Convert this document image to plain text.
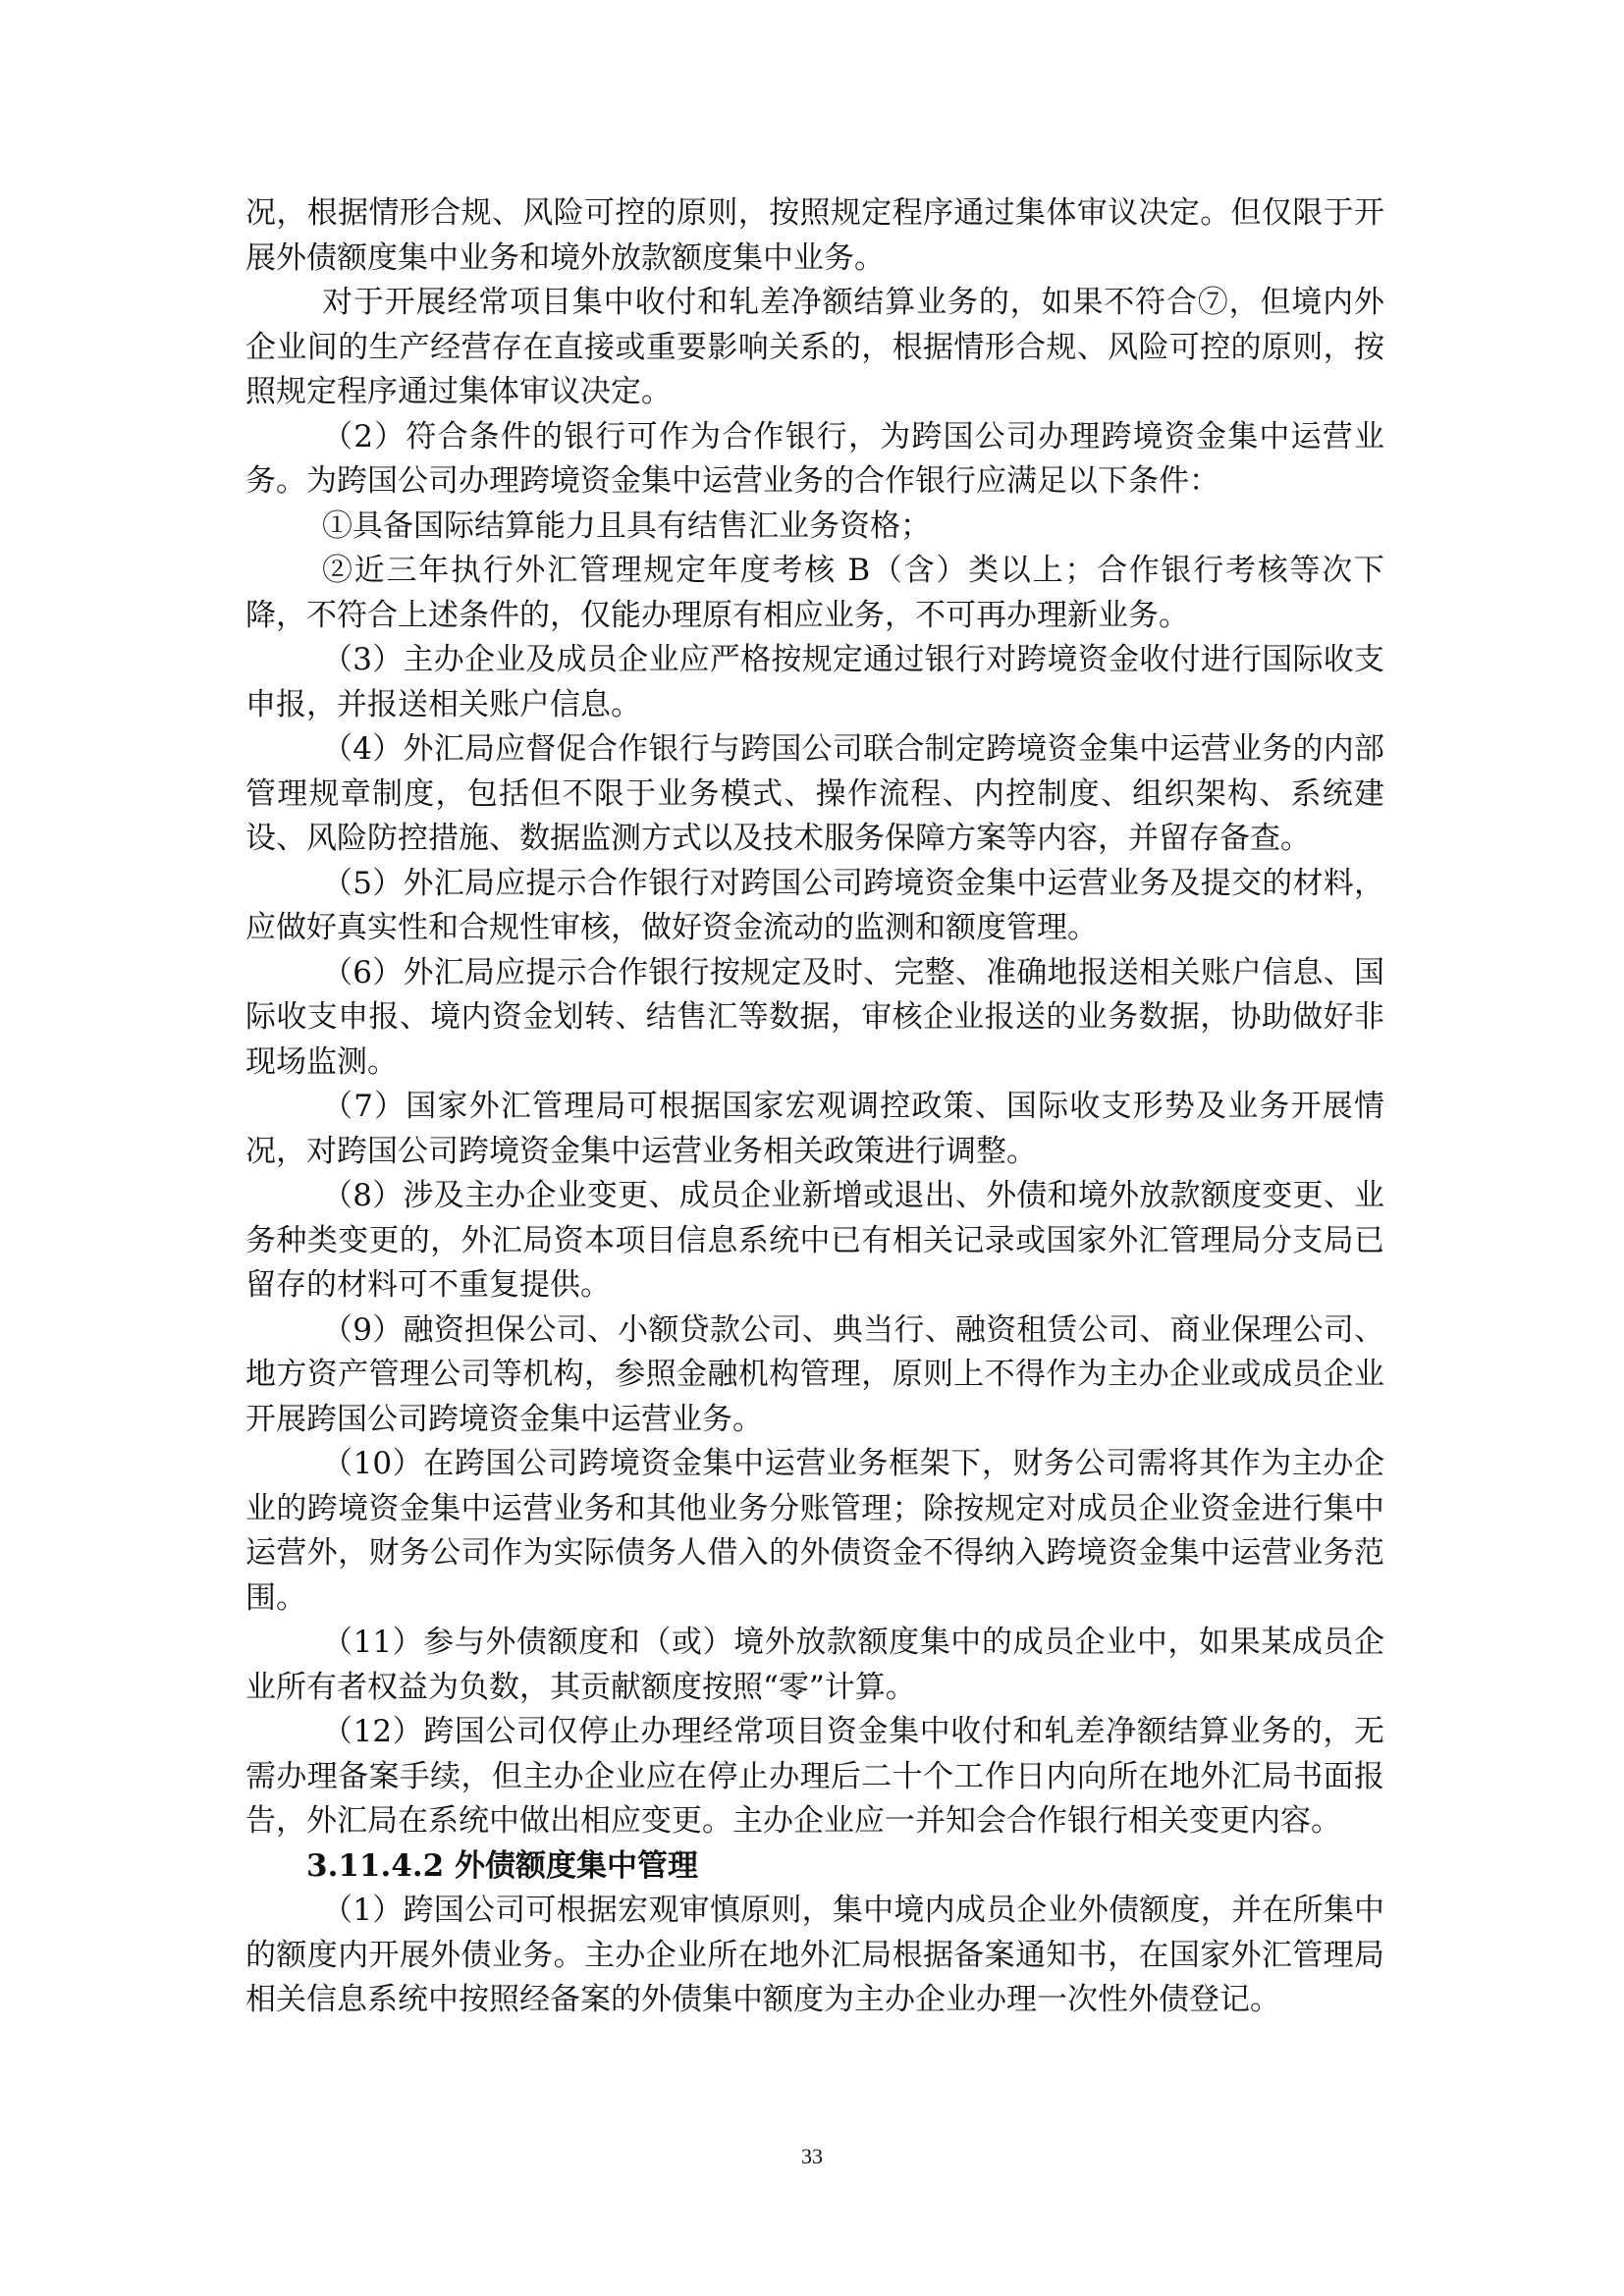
况，根据情形合规、风险可控的原则，按照规定程序通过集体审议决定。但仅限于开展外债额度集中业务和境外放款额度集中业务。

对于开展经常项目集中收付和轧差净额结算业务的，如果不符合⑦，但境内外企业间的生产经营存在直接或重要影响关系的，根据情形合规、风险可控的原则，按照规定程序通过集体审议决定。

（2）符合条件的银行可作为合作银行，为跨国公司办理跨境资金集中运营业务。为跨国公司办理跨境资金集中运营业务的合作银行应满足以下条件：

①具备国际结算能力且具有结售汇业务资格；

②近三年执行外汇管理规定年度考核 B（含）类以上；合作银行考核等次下降，不符合上述条件的，仅能办理原有相应业务，不可再办理新业务。

（3）主办企业及成员企业应严格按规定通过银行对跨境资金收付进行国际收支申报，并报送相关账户信息。

（4）外汇局应督促合作银行与跨国公司联合制定跨境资金集中运营业务的内部管理规章制度，包括但不限于业务模式、操作流程、内控制度、组织架构、系统建设、风险防控措施、数据监测方式以及技术服务保障方案等内容，并留存备查。

（5）外汇局应提示合作银行对跨国公司跨境资金集中运营业务及提交的材料，应做好真实性和合规性审核，做好资金流动的监测和额度管理。

（6）外汇局应提示合作银行按规定及时、完整、准确地报送相关账户信息、国际收支申报、境内资金划转、结售汇等数据，审核企业报送的业务数据，协助做好非现场监测。

（7）国家外汇管理局可根据国家宏观调控政策、国际收支形势及业务开展情况，对跨国公司跨境资金集中运营业务相关政策进行调整。

（8）涉及主办企业变更、成员企业新增或退出、外债和境外放款额度变更、业务种类变更的，外汇局资本项目信息系统中已有相关记录或国家外汇管理局分支局已留存的材料可不重复提供。

（9）融资担保公司、小额贷款公司、典当行、融资租赁公司、商业保理公司、地方资产管理公司等机构，参照金融机构管理，原则上不得作为主办企业或成员企业开展跨国公司跨境资金集中运营业务。

（10）在跨国公司跨境资金集中运营业务框架下，财务公司需将其作为主办企业的跨境资金集中运营业务和其他业务分账管理；除按规定对成员企业资金进行集中运营外，财务公司作为实际债务人借入的外债资金不得纳入跨境资金集中运营业务范围。

（11）参与外债额度和（或）境外放款额度集中的成员企业中，如果某成员企业所有者权益为负数，其贡献额度按照“零”计算。

（12）跨国公司仅停止办理经常项目资金集中收付和轧差净额结算业务的，无需办理备案手续，但主办企业应在停止办理后二十个工作日内向所在地外汇局书面报告，外汇局在系统中做出相应变更。主办企业应一并知会合作银行相关变更内容。

3.11.4.2 外债额度集中管理

（1）跨国公司可根据宏观审慎原则，集中境内成员企业外债额度，并在所集中的额度内开展外债业务。主办企业所在地外汇局根据备案通知书，在国家外汇管理局相关信息系统中按照经备案的外债集中额度为主办企业办理一次性外债登记。

33
